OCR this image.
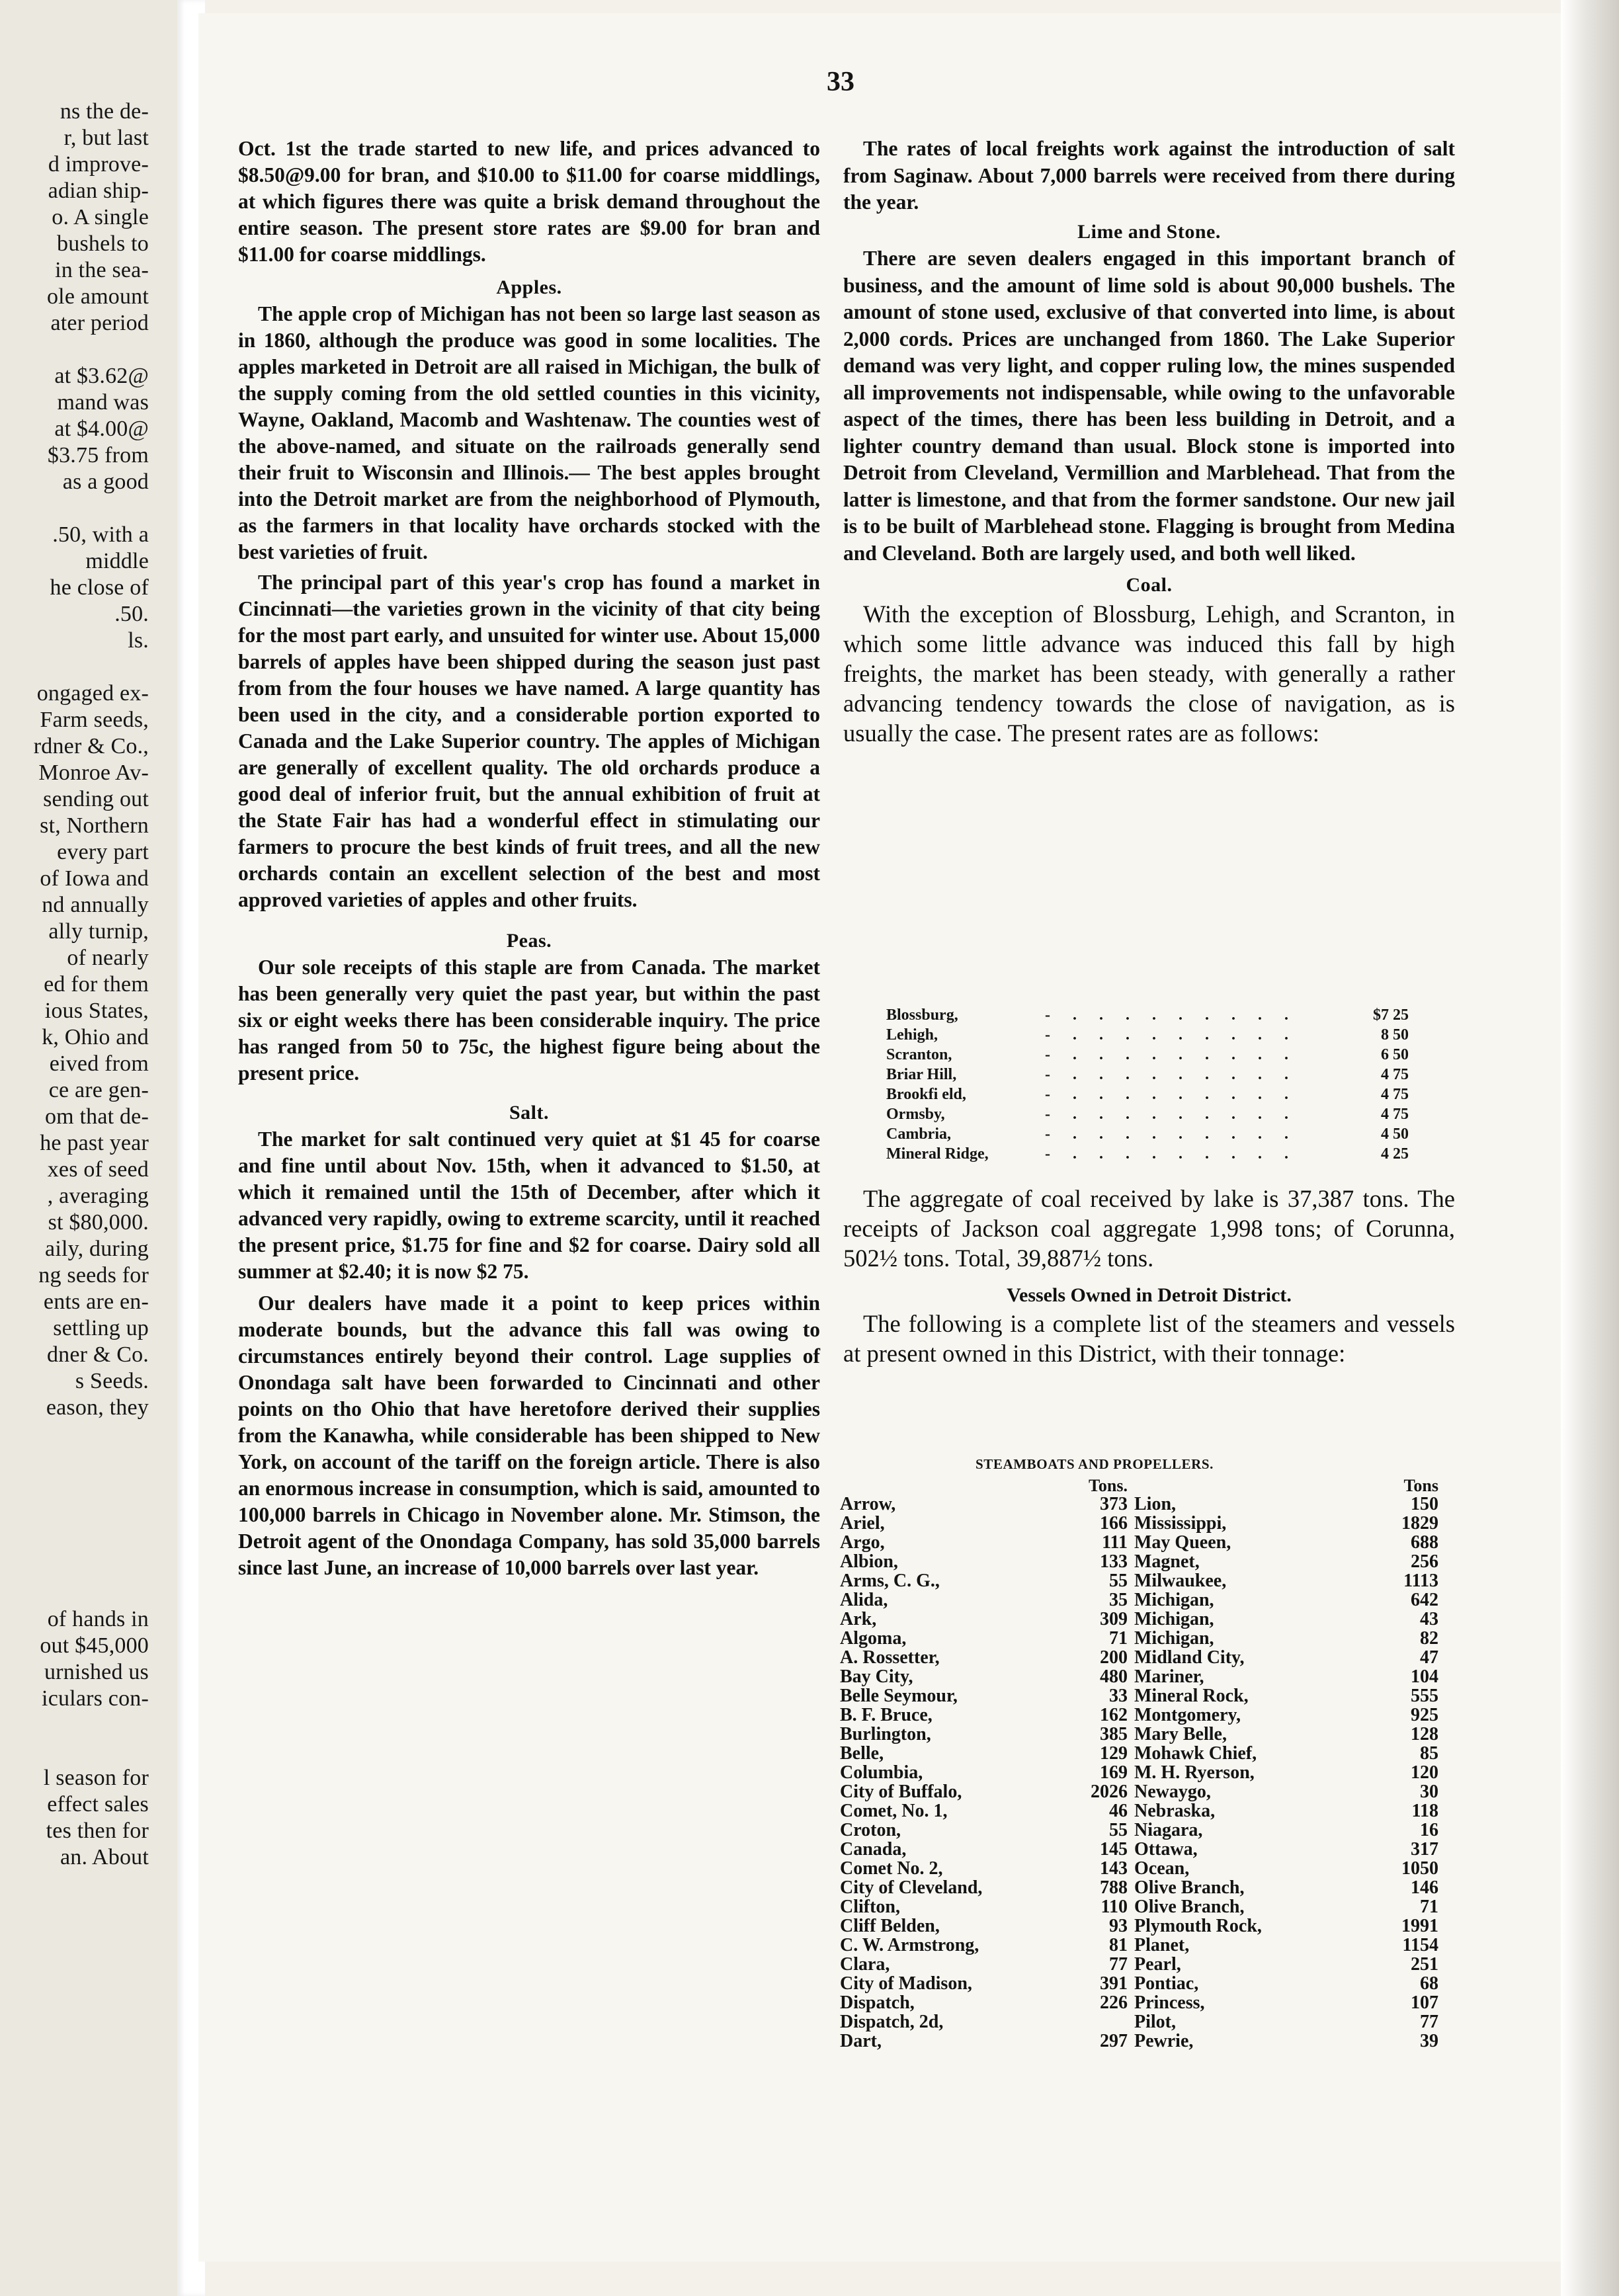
ns the de-
r, but last
d improve-
adian ship-
o. A single
bushels to
in the sea-
ole amount
ater period
at $3.62@
mand was
at $4.00@
$3.75 from
as a good
.50, with a
middle
he close of
.50.
ls.
ongaged ex-
Farm seeds,
rdner & Co.,
Monroe Av-
sending out
st, Northern
every part
of Iowa and
nd annually
ally turnip,
of nearly
ed for them
ious States,
k, Ohio and
eived from
ce are gen-
om that de-
he past year
xes of seed
, averaging
st $80,000.
aily, during
ng seeds for
ents are en-
settling up
dner & Co.
s Seeds.
eason, they
of hands in
out $45,000
urnished us
iculars con-
l season for
effect sales
tes then for
an. About
33

Oct. 1st the trade started to new life, and prices advanced to $8.50@9.00 for bran, and $10.00 to $11.00 for coarse middlings, at which figures there was quite a brisk demand throughout the entire season. The present store rates are $9.00 for bran and $11.00 for coarse middlings.

Apples.

The apple crop of Michigan has not been so large last season as in 1860, although the produce was good in some localities. The apples marketed in Detroit are all raised in Michigan, the bulk of the supply coming from the old settled counties in this vicinity, Wayne, Oakland, Macomb and Washtenaw. The counties west of the above-named, and situate on the railroads generally send their fruit to Wisconsin and Illinois.— The best apples brought into the Detroit market are from the neighborhood of Plymouth, as the farmers in that locality have orchards stocked with the best varieties of fruit.

The principal part of this year's crop has found a market in Cincinnati—the varieties grown in the vicinity of that city being for the most part early, and unsuited for winter use. About 15,000 barrels of apples have been shipped during the season just past from from the four houses we have named. A large quantity has been used in the city, and a considerable portion exported to Canada and the Lake Superior country. The apples of Michigan are generally of excellent quality. The old orchards produce a good deal of inferior fruit, but the annual exhibition of fruit at the State Fair has had a wonderful effect in stimulating our farmers to procure the best kinds of fruit trees, and all the new orchards contain an excellent selection of the best and most approved varieties of apples and other fruits.

Peas.

Our sole receipts of this staple are from Canada. The market has been generally very quiet the past year, but within the past six or eight weeks there has been considerable inquiry. The price has ranged from 50 to 75c, the highest figure being about the present price.

Salt.

The market for salt continued very quiet at $1 45 for coarse and fine until about Nov. 15th, when it advanced to $1.50, at which it remained until the 15th of December, after which it advanced very rapidly, owing to extreme scarcity, until it reached the present price, $1.75 for fine and $2 for coarse. Dairy sold all summer at $2.40; it is now $2 75.

Our dealers have made it a point to keep prices within moderate bounds, but the advance this fall was owing to circumstances entirely beyond their control. Lage supplies of Onondaga salt have been forwarded to Cincinnati and other points on tho Ohio that have heretofore derived their supplies from the Kanawha, while considerable has been shipped to New York, on account of the tariff on the foreign article. There is also an enormous increase in consumption, which is said, amounted to 100,000 barrels in Chicago in November alone. Mr. Stimson, the Detroit agent of the Onondaga Company, has sold 35,000 barrels since last June, an increase of 10,000 barrels over last year.

The rates of local freights work against the introduction of salt from Saginaw. About 7,000 barrels were received from there during the year.

Lime and Stone.

There are seven dealers engaged in this important branch of business, and the amount of lime sold is about 90,000 bushels. The amount of stone used, exclusive of that converted into lime, is about 2,000 cords. Prices are unchanged from 1860. The Lake Superior demand was very light, and copper ruling low, the mines suspended all improvements not indispensable, while owing to the unfavorable aspect of the times, there has been less building in Detroit, and a lighter country demand than usual. Block stone is imported into Detroit from Cleveland, Vermillion and Marblehead. That from the latter is limestone, and that from the former sandstone. Our new jail is to be built of Marblehead stone. Flagging is brought from Medina and Cleveland. Both are largely used, and both well liked.

Coal.

With the exception of Blossburg, Lehigh, and Scranton, in which some little advance was induced this fall by high freights, the market has been steady, with generally a rather advancing tendency towards the close of navigation, as is usually the case. The present rates are as follows:

Blossburg,	- . . . . . . . . .	$7 25
Lehigh,	- . . . . . . . . .	8 50
Scranton,	- . . . . . . . . .	6 50
Briar Hill,	- . . . . . . . . .	4 75
Brookfi eld,	- . . . . . . . . .	4 75
Ormsby,	- . . . . . . . . .	4 75
Cambria,	- . . . . . . . . .	4 50
Mineral Ridge,	- . . . . . . . . .	4 25

The aggregate of coal received by lake is 37,387 tons. The receipts of Jackson coal aggregate 1,998 tons; of Corunna, 502½ tons. Total, 39,887½ tons.

Vessels Owned in Detroit District.

The following is a complete list of the steamers and vessels at present owned in this District, with their tonnage:

STEAMBOATS AND PROPELLERS.
Tons.
Arrow,	373
Ariel,	166
Argo,	111
Albion,	133
Arms, C. G.,	55
Alida,	35
Ark,	309
Algoma,	71
A. Rossetter,	200
Bay City,	480
Belle Seymour,	33
B. F. Bruce,	162
Burlington,	385
Belle,	129
Columbia,	169
City of Buffalo,	2026
Comet, No. 1,	46
Croton,	55
Canada,	145
Comet No. 2,	143
City of Cleveland,	788
Clifton,	110
Cliff Belden,	93
C. W. Armstrong,	81
Clara,	77
City of Madison,	391
Dispatch,	226
Dispatch, 2d,
Dart,	297
Tons
Lion,	150
Mississippi,	1829
May Queen,	688
Magnet,	256
Milwaukee,	1113
Michigan,	642
Michigan,	43
Michigan,	82
Midland City,	47
Mariner,	104
Mineral Rock,	555
Montgomery,	925
Mary Belle,	128
Mohawk Chief,	85
M. H. Ryerson,	120
Newaygo,	30
Nebraska,	118
Niagara,	16
Ottawa,	317
Ocean,	1050
Olive Branch,	146
Olive Branch,	71
Plymouth Rock,	1991
Planet,	1154
Pearl,	251
Pontiac,	68
Princess,	107
Pilot,	77
Pewrie,	39
